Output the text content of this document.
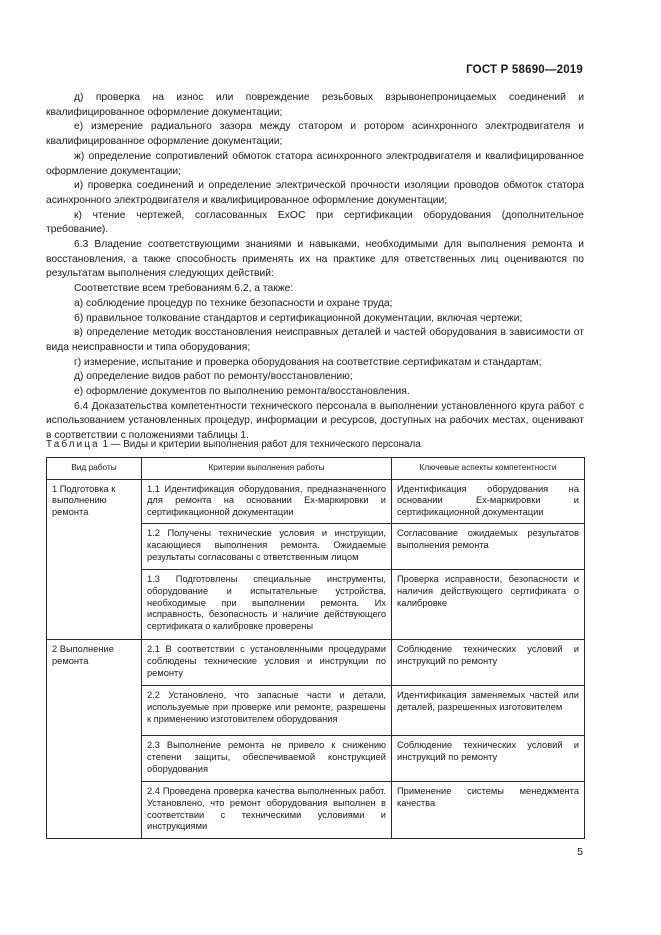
ГОСТ Р 58690—2019

д) проверка на износ или повреждение резьбовых взрывонепроницаемых соединений и квалифицированное оформление документации;

е) измерение радиального зазора между статором и ротором асинхронного электродвигателя и квалифицированное оформление документации;

ж) определение сопротивлений обмоток статора асинхронного электродвигателя и квалифицированное оформление документации;

и) проверка соединений и определение электрической прочности изоляции проводов обмоток статора асинхронного электродвигателя и квалифицированное оформление документации;

к) чтение чертежей, согласованных ExOC при сертификации оборудования (дополнительное требование).

6.3 Владение соответствующими знаниями и навыками, необходимыми для выполнения ремонта и восстановления, а также способность применять их на практике для ответственных лиц оцениваются по результатам выполнения следующих действий:

Соответствие всем требованиям 6.2, а также:

а) соблюдение процедур по технике безопасности и охране труда;

б) правильное толкование стандартов и сертификационной документации, включая чертежи;

в) определение методик восстановления неисправных деталей и частей оборудования в зависимости от вида неисправности и типа оборудования;

г) измерение, испытание и проверка оборудования на соответствие сертификатам и стандартам;

д) определение видов работ по ремонту/восстановлению;

е) оформление документов по выполнению ремонта/восстановления.

6.4 Доказательства компетентности технического персонала в выполнении установленного круга работ с использованием установленных процедур, информации и ресурсов, доступных на рабочих местах, оценивают в соответствии с положениями таблицы 1.

Таблица 1 — Виды и критерии выполнения работ для технического персонала
Вид работы	Критерии выполнения работы	Ключевые аспекты компетентности
1 Подготовка к выполнению ремонта	1.1 Идентификация оборудования, предназначенного для ремонта на основании Ex-маркировки и сертификационной документации	Идентификация оборудования на основании Ex-маркировки и сертификационной документации
	1.2 Получены технические условия и инструкции, касающиеся выполнения ремонта. Ожидаемые результаты согласованы с ответственным лицом	Согласование ожидаемых результатов выполнения ремонта
	1.3 Подготовлены специальные инструменты, оборудование и испытательные устройства, необходимые при выполнении ремонта. Их исправность, безопасность и наличие действующего сертификата о калибровке проверены	Проверка исправности, безопасности и наличия действующего сертификата о калибровке
2 Выполнение ремонта	2.1 В соответствии с установленными процедурами соблюдены технические условия и инструкции по ремонту	Соблюдение технических условий и инструкций по ремонту
	2.2 Установлено, что запасные части и детали, используемые при проверке или ремонте, разрешены к применению изготовителем оборудования	Идентификация заменяемых частей или деталей, разрешенных изготовителем
	2.3 Выполнение ремонта не привело к снижению степени защиты, обеспечиваемой конструкцией оборудования	Соблюдение технических условий и инструкций по ремонту
	2.4 Проведена проверка качества выполненных работ. Установлено, что ремонт оборудования выполнен в соответствии с техническими условиями и инструкциями	Применение системы менеджмента качества
5
